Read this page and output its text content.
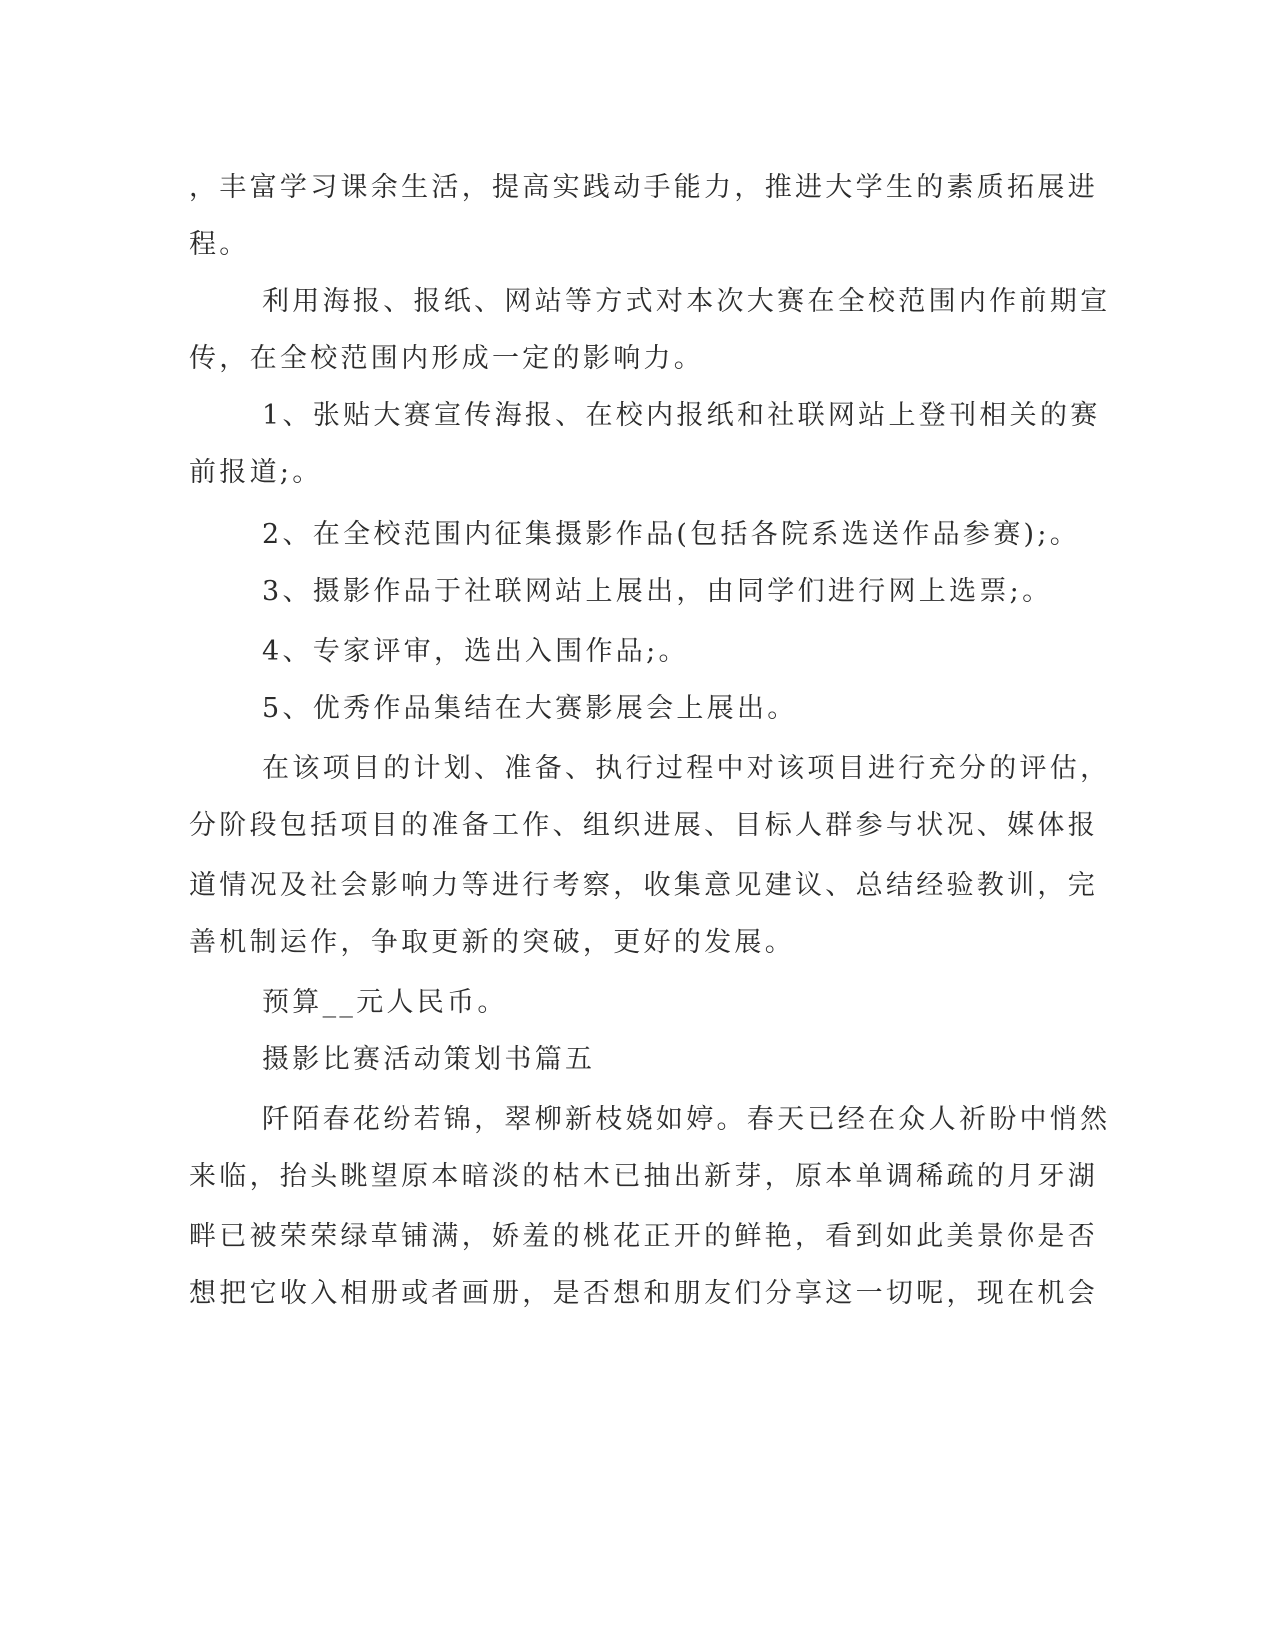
，丰富学习课余生活，提高实践动手能力，推进大学生的素质拓展进
程。
利用海报、报纸、网站等方式对本次大赛在全校范围内作前期宣
传，在全校范围内形成一定的影响力。
1、张贴大赛宣传海报、在校内报纸和社联网站上登刊相关的赛
前报道;。
2、在全校范围内征集摄影作品(包括各院系选送作品参赛);。
3、摄影作品于社联网站上展出，由同学们进行网上选票;。
4、专家评审，选出入围作品;。
5、优秀作品集结在大赛影展会上展出。
在该项目的计划、准备、执行过程中对该项目进行充分的评估，
分阶段包括项目的准备工作、组织进展、目标人群参与状况、媒体报
道情况及社会影响力等进行考察，收集意见建议、总结经验教训，完
善机制运作，争取更新的突破，更好的发展。
预算__元人民币。
摄影比赛活动策划书篇五
阡陌春花纷若锦，翠柳新枝娆如婷。春天已经在众人祈盼中悄然
来临，抬头眺望原本暗淡的枯木已抽出新芽，原本单调稀疏的月牙湖
畔已被荣荣绿草铺满，娇羞的桃花正开的鲜艳，看到如此美景你是否
想把它收入相册或者画册，是否想和朋友们分享这一切呢，现在机会
